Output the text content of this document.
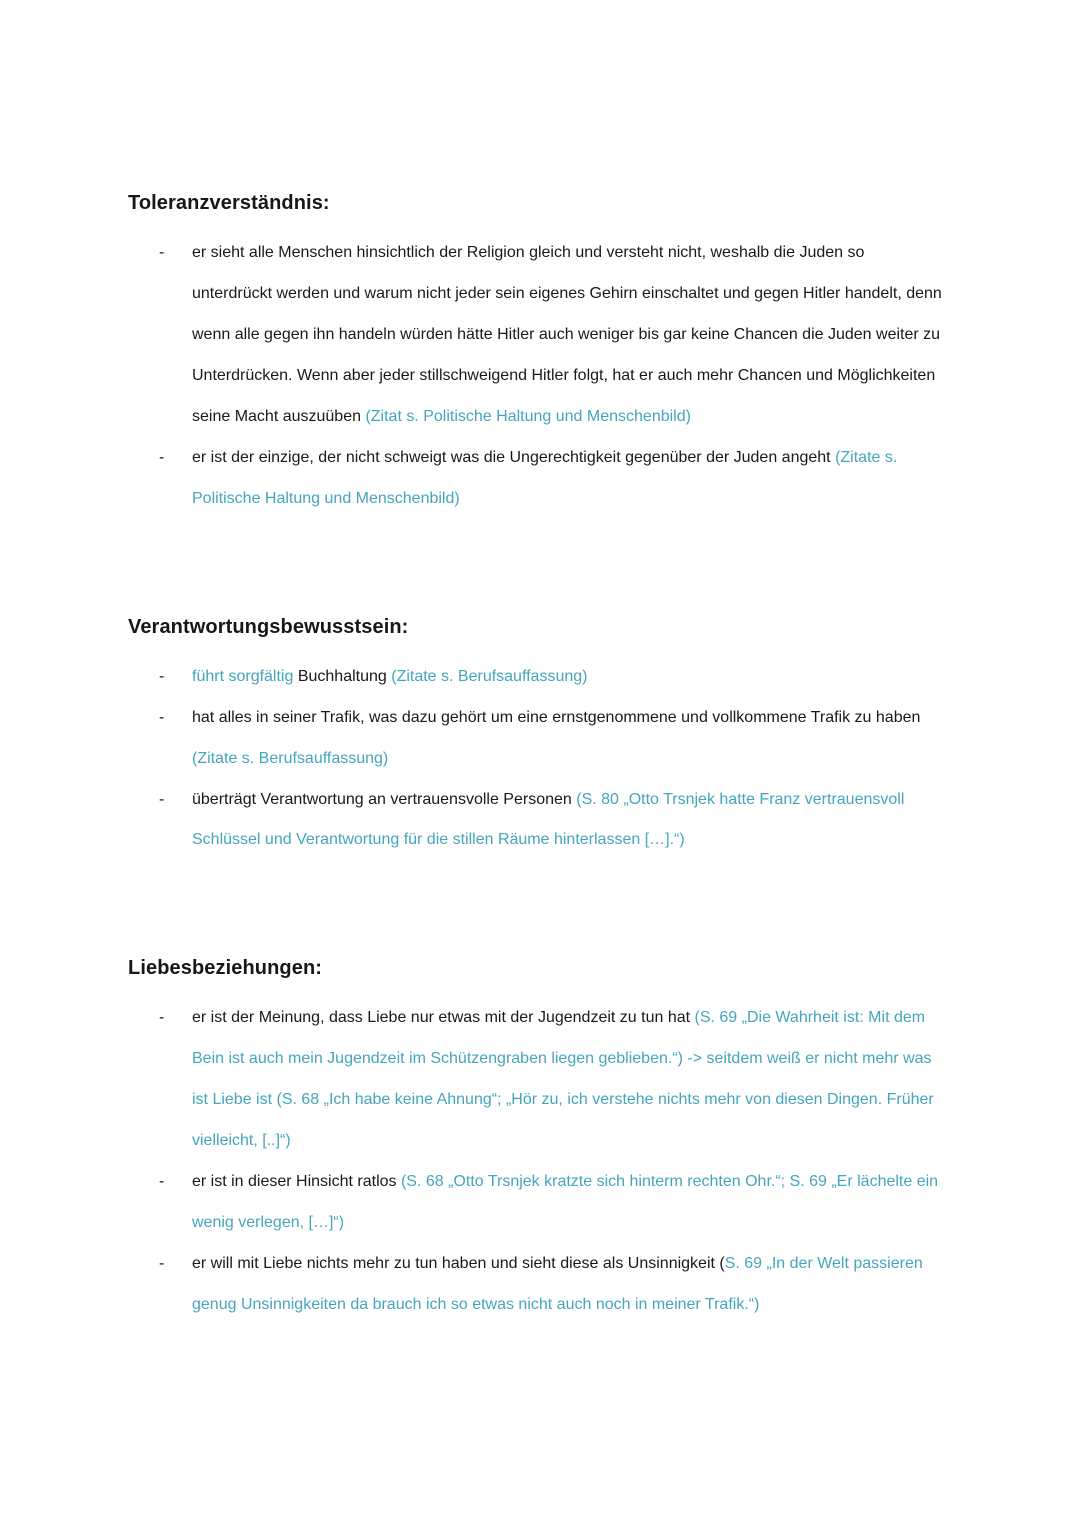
Toleranzverständnis:
-	er sieht alle Menschen hinsichtlich der Religion gleich und versteht nicht, weshalb die Juden so unterdrückt werden und warum nicht jeder sein eigenes Gehirn einschaltet und gegen Hitler handelt, denn wenn alle gegen ihn handeln würden hätte Hitler auch weniger bis gar keine Chancen die Juden weiter zu Unterdrücken. Wenn aber jeder stillschweigend Hitler folgt, hat er auch mehr Chancen und Möglichkeiten seine Macht auszuüben (Zitat s. Politische Haltung und Menschenbild)
-	er ist der einzige, der nicht schweigt was die Ungerechtigkeit gegenüber der Juden angeht (Zitate s. Politische Haltung und Menschenbild)
Verantwortungsbewusstsein:
-	führt sorgfältig Buchhaltung (Zitate s. Berufsauffassung)
-	hat alles in seiner Trafik, was dazu gehört um eine ernstgenommene und vollkommene Trafik zu haben (Zitate s. Berufsauffassung)
-	überträgt Verantwortung an vertrauensvolle Personen (S. 80 „Otto Trsnjek hatte Franz vertrauensvoll Schlüssel und Verantwortung für die stillen Räume hinterlassen […].“)
Liebesbeziehungen:
-	er ist der Meinung, dass Liebe nur etwas mit der Jugendzeit zu tun hat (S. 69 „Die Wahrheit ist: Mit dem Bein ist auch mein Jugendzeit im Schützengraben liegen geblieben.“) -> seitdem weiß er nicht mehr was ist Liebe ist (S. 68 „Ich habe keine Ahnung“; „Hör zu, ich verstehe nichts mehr von diesen Dingen. Früher vielleicht, [..]“)
-	er ist in dieser Hinsicht ratlos (S. 68 „Otto Trsnjek kratzte sich hinterm rechten Ohr.“; S. 69 „Er lächelte ein wenig verlegen, […]“)
-	er will mit Liebe nichts mehr zu tun haben und sieht diese als Unsinnigkeit (S. 69 „In der Welt passieren genug Unsinnigkeiten da brauch ich so etwas nicht auch noch in meiner Trafik.“)
